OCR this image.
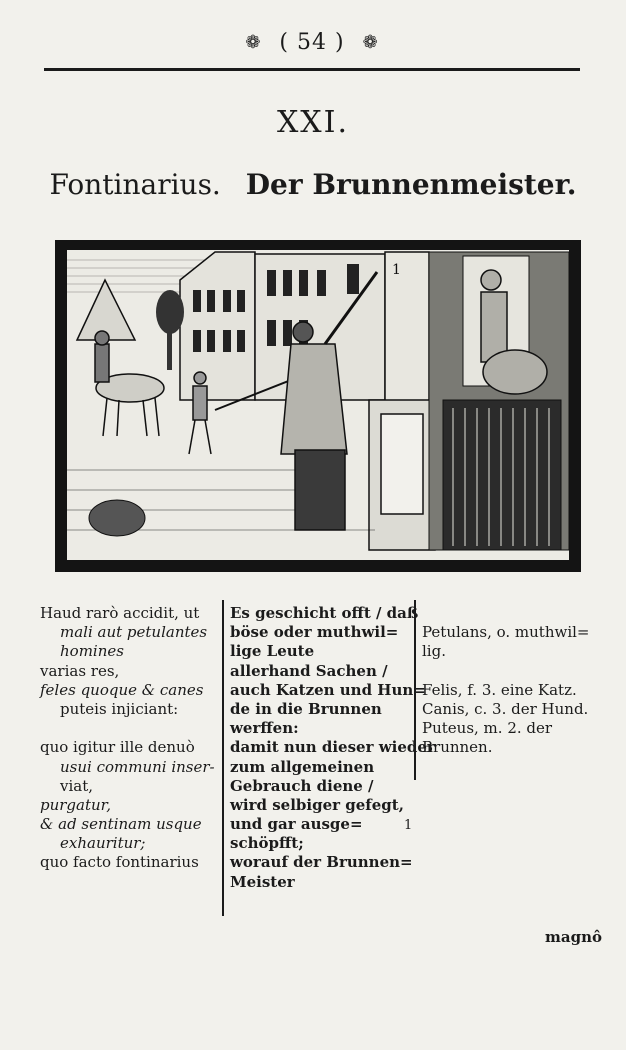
❁ ( 54 ) ❁
XXI.
Fontinarius. Der Brunnenmeister.
1
Haud rarò accidit, ut
mali aut petulantes
homines
varias res,
feles quoque & canes
puteis injiciant:
quo igitur ille denuò
usui communi inser-
viat,
purgatur,
& ad sentinam usque
exhauritur;
quo facto fontinarius
Es geschicht offt / daß
böse oder muthwil=
lige Leute
allerhand Sachen /
auch Katzen und Hun=
de in die Brunnen
werffen:
damit nun dieser wieder
zum allgemeinen
Gebrauch diene /
wird selbiger gefegt,
und gar ausge=
schöpfft;
worauf der Brunnen=
Meister
Petulans, o. muthwil=
lig.
Felis, f. 3. eine Katz.
Canis, c. 3. der Hund.
Puteus, m. 2. der
Brunnen.
1
magnô
